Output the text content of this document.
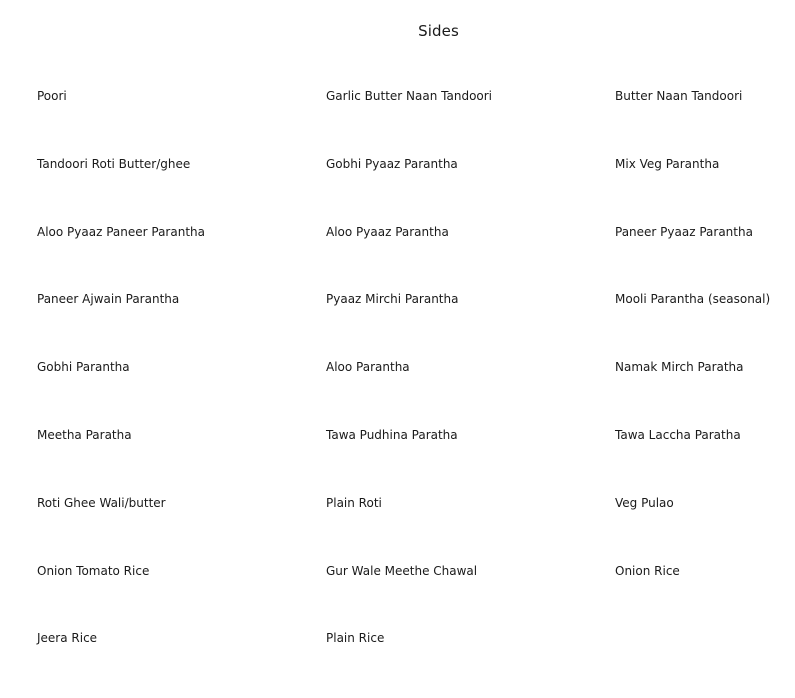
Sides
Poori	Garlic Butter Naan Tandoori	Butter Naan Tandoori
Tandoori Roti Butter/ghee	Gobhi Pyaaz Parantha	Mix Veg Parantha
Aloo Pyaaz Paneer Parantha	Aloo Pyaaz Parantha	Paneer Pyaaz Parantha
Paneer Ajwain Parantha	Pyaaz Mirchi Parantha	Mooli Parantha (seasonal)
Gobhi Parantha	Aloo Parantha	Namak Mirch Paratha
Meetha Paratha	Tawa Pudhina Paratha	Tawa Laccha Paratha
Roti Ghee Wali/butter	Plain Roti	Veg Pulao
Onion Tomato Rice	Gur Wale Meethe Chawal	Onion Rice
Jeera Rice	Plain Rice
